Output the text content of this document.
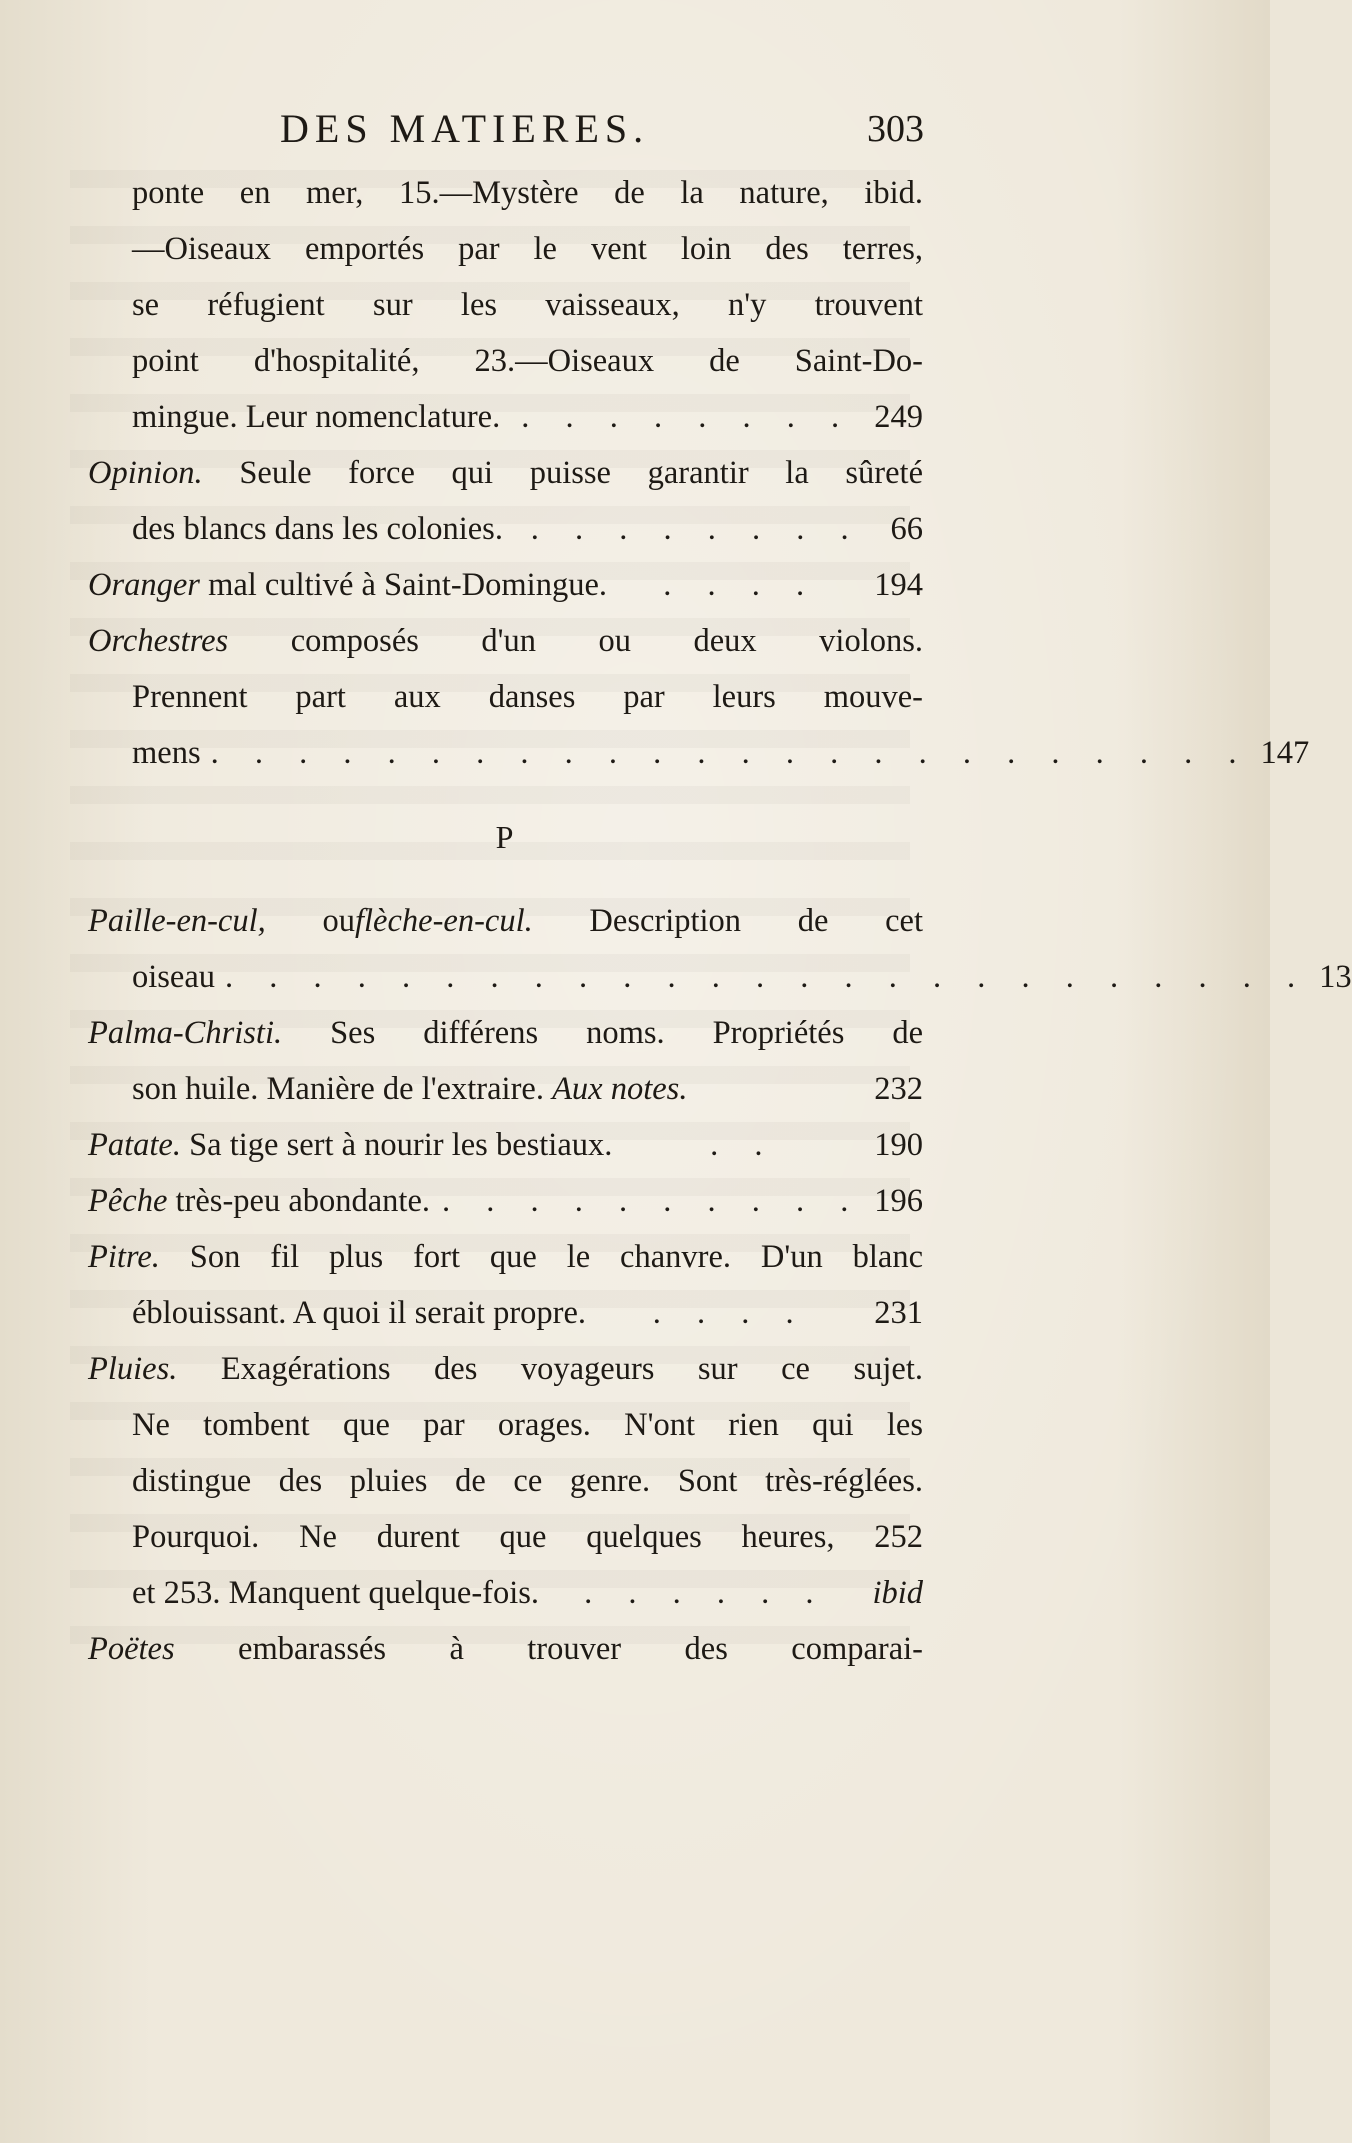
DES MATIERES.	303
ponte en mer, 15.—Mystère de la nature, ibid.
—Oiseaux emportés par le vent loin des terres,
se réfugient sur les vaisseaux, n'y trouvent
point d'hospitalité, 23.—Oiseaux de Saint-Do-
mingue. Leur nomenclature. . . . . . . . . 249
Opinion. Seule force qui puisse garantir la sûreté
des blancs dans les colonies. . . . . . . . . 66
Oranger mal cultivé à Saint-Domingue.	. . . .	194
Orchestres composés d'un ou deux violons.
Prennent part aux danses par leurs mouve-
mens . . . . . . . . . . . . . . . . . . . . . . . . 147
P
Paille-en-cul, ouflèche-en-cul. Description de cet
oiseau . . . . . . . . . . . . . . . . . . . . . . . . . 13
Palma-Christi. Ses différens noms. Propriétés de
son huile. Manière de l'extraire. Aux notes.	232
Patate. Sa tige sert à nourir les bestiaux.	. .	190
Pêche très-peu abondante. . . . . . . . . . . 196
Pitre. Son fil plus fort que le chanvre. D'un blanc
éblouissant. A quoi il serait propre.	. . . .	231
Pluies. Exagérations des voyageurs sur ce sujet.
Ne tombent que par orages. N'ont rien qui les
distingue des pluies de ce genre. Sont très-réglées.
Pourquoi. Ne durent que quelques heures, 252
et 253. Manquent quelque-fois.	. . . . . .	ibid
Poëtes embarassés à trouver des comparai-
